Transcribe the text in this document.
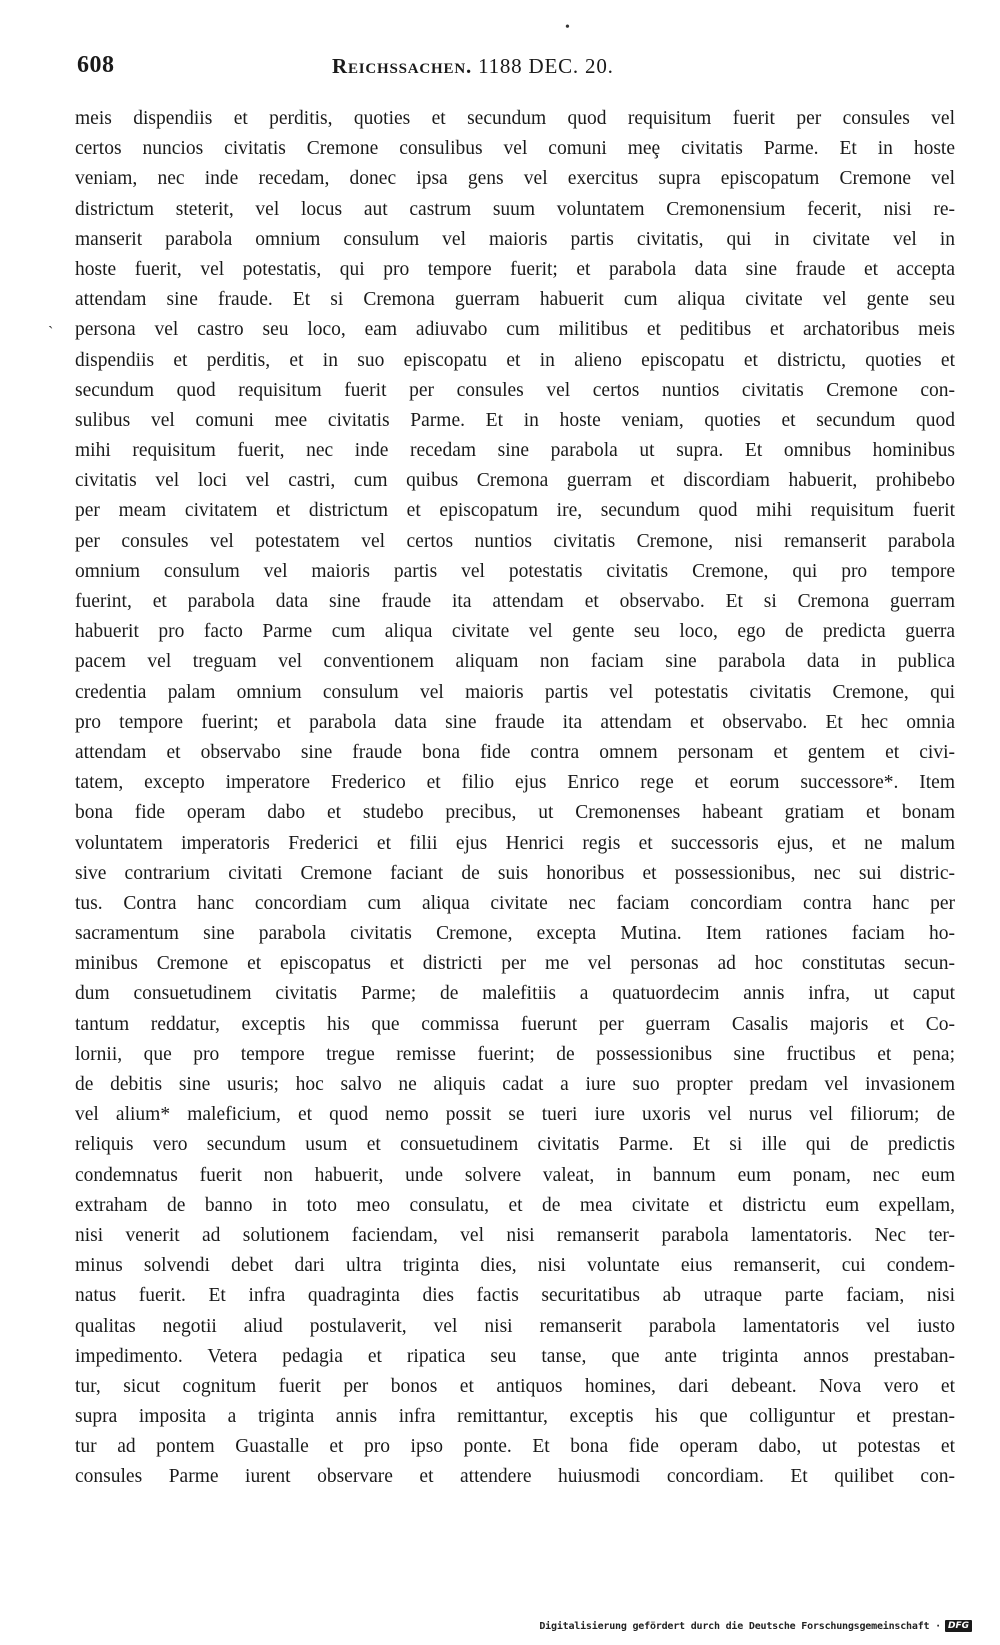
•
608	Reichssachen. 1188 DEC. 20.
ˋ
meis dispendiis et perditis, quoties et secundum quod requisitum fuerit per consules vel
certos nuncios civitatis Cremone consulibus vel comuni meȩ civitatis Parme. Et in hoste
veniam, nec inde recedam, donec ipsa gens vel exercitus supra episcopatum Cremone vel
districtum steterit, vel locus aut castrum suum voluntatem Cremonensium fecerit, nisi re-
manserit parabola omnium consulum vel maioris partis civitatis, qui in civitate vel in
hoste fuerit, vel potestatis, qui pro tempore fuerit; et parabola data sine fraude et accepta
attendam sine fraude. Et si Cremona guerram habuerit cum aliqua civitate vel gente seu
persona vel castro seu loco, eam adiuvabo cum militibus et peditibus et archatoribus meis
dispendiis et perditis, et in suo episcopatu et in alieno episcopatu et districtu, quoties et
secundum quod requisitum fuerit per consules vel certos nuntios civitatis Cremone con-
sulibus vel comuni mee civitatis Parme. Et in hoste veniam, quoties et secundum quod
mihi requisitum fuerit, nec inde recedam sine parabola ut supra. Et omnibus hominibus
civitatis vel loci vel castri, cum quibus Cremona guerram et discordiam habuerit, prohibebo
per meam civitatem et districtum et episcopatum ire, secundum quod mihi requisitum fuerit
per consules vel potestatem vel certos nuntios civitatis Cremone, nisi remanserit parabola
omnium consulum vel maioris partis vel potestatis civitatis Cremone, qui pro tempore
fuerint, et parabola data sine fraude ita attendam et observabo. Et si Cremona guerram
habuerit pro facto Parme cum aliqua civitate vel gente seu loco, ego de predicta guerra
pacem vel treguam vel conventionem aliquam non faciam sine parabola data in publica
credentia palam omnium consulum vel maioris partis vel potestatis civitatis Cremone, qui
pro tempore fuerint; et parabola data sine fraude ita attendam et observabo. Et hec omnia
attendam et observabo sine fraude bona fide contra omnem personam et gentem et civi-
tatem, excepto imperatore Frederico et filio ejus Enrico rege et eorum successore*. Item
bona fide operam dabo et studebo precibus, ut Cremonenses habeant gratiam et bonam
voluntatem imperatoris Frederici et filii ejus Henrici regis et successoris ejus, et ne malum
sive contrarium civitati Cremone faciant de suis honoribus et possessionibus, nec sui distric-
tus. Contra hanc concordiam cum aliqua civitate nec faciam concordiam contra hanc per
sacramentum sine parabola civitatis Cremone, excepta Mutina. Item rationes faciam ho-
minibus Cremone et episcopatus et districti per me vel personas ad hoc constitutas secun-
dum consuetudinem civitatis Parme; de malefitiis a quatuordecim annis infra, ut caput
tantum reddatur, exceptis his que commissa fuerunt per guerram Casalis majoris et Co-
lornii, que pro tempore tregue remisse fuerint; de possessionibus sine fructibus et pena;
de debitis sine usuris; hoc salvo ne aliquis cadat a iure suo propter predam vel invasionem
vel alium* maleficium, et quod nemo possit se tueri iure uxoris vel nurus vel filiorum; de
reliquis vero secundum usum et consuetudinem civitatis Parme. Et si ille qui de predictis
condemnatus fuerit non habuerit, unde solvere valeat, in bannum eum ponam, nec eum
extraham de banno in toto meo consulatu, et de mea civitate et districtu eum expellam,
nisi venerit ad solutionem faciendam, vel nisi remanserit parabola lamentatoris. Nec ter-
minus solvendi debet dari ultra triginta dies, nisi voluntate eius remanserit, cui condem-
natus fuerit. Et infra quadraginta dies factis securitatibus ab utraque parte faciam, nisi
qualitas negotii aliud postulaverit, vel nisi remanserit parabola lamentatoris vel iusto
impedimento. Vetera pedagia et ripatica seu tanse, que ante triginta annos prestaban-
tur, sicut cognitum fuerit per bonos et antiquos homines, dari debeant. Nova vero et
supra imposita a triginta annis infra remittantur, exceptis his que colliguntur et prestan-
tur ad pontem Guastalle et pro ipso ponte. Et bona fide operam dabo, ut potestas et
consules Parme iurent observare et attendere huiusmodi concordiam. Et quilibet con-
Digitalisierung gefördert durch die Deutsche Forschungsgemeinschaft · DFG
